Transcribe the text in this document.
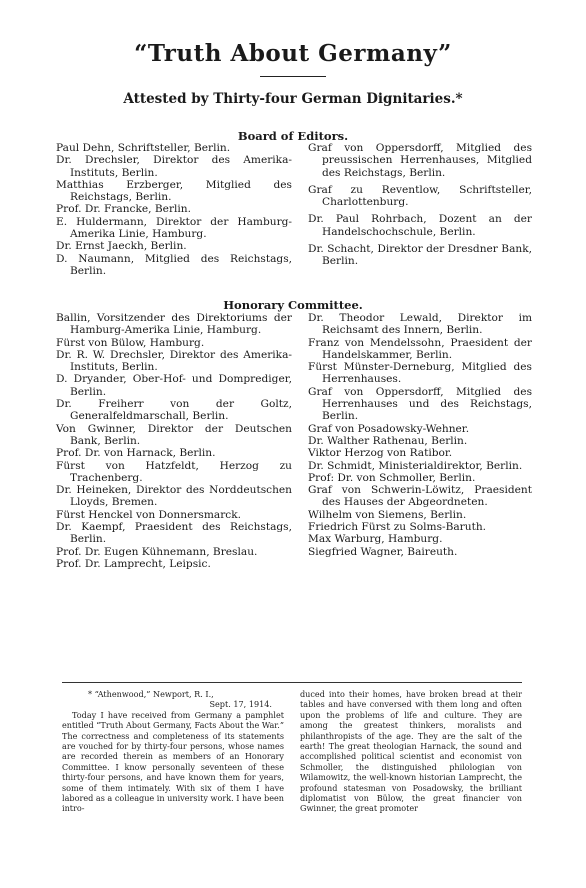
“Truth About Germany”
Attested by Thirty-four German Dignitaries.*
Board of Editors.

Paul Dehn, Schriftsteller, Berlin.

Dr. Drechsler, Direktor des Amerika-Instituts, Berlin.

Matthias Erzberger, Mitglied des Reichstags, Berlin.

Prof. Dr. Francke, Berlin.

E. Huldermann, Direktor der Hamburg-Amerika Linie, Hamburg.

Dr. Ernst Jaeckh, Berlin.

D. Naumann, Mitglied des Reichstags, Berlin.

Graf von Oppersdorff, Mitglied des preussischen Herrenhauses, Mitglied des Reichstags, Berlin.

Graf zu Reventlow, Schriftsteller, Charlottenburg.

Dr. Paul Rohrbach, Dozent an der Handelschochschule, Berlin.

Dr. Schacht, Direktor der Dresdner Bank, Berlin.

Honorary Committee.

Ballin, Vorsitzender des Direktoriums der Hamburg-Amerika Linie, Hamburg.

Fürst von Bülow, Hamburg.

Dr. R. W. Drechsler, Direktor des Amerika-Instituts, Berlin.

D. Dryander, Ober-Hof- und Domprediger, Berlin.

Dr. Freiherr von der Goltz, Generalfeldmarschall, Berlin.

Von Gwinner, Direktor der Deutschen Bank, Berlin.

Prof. Dr. von Harnack, Berlin.

Fürst von Hatzfeldt, Herzog zu Trachenberg.

Dr. Heineken, Direktor des Norddeutschen Lloyds, Bremen.

Fürst Henckel von Donnersmarck.

Dr. Kaempf, Praesident des Reichstags, Berlin.

Prof. Dr. Eugen Kühnemann, Breslau.

Prof. Dr. Lamprecht, Leipsic.

Dr. Theodor Lewald, Direktor im Reichsamt des Innern, Berlin.

Franz von Mendelssohn, Praesident der Handelskammer, Berlin.

Fürst Münster-Derneburg, Mitglied des Herrenhauses.

Graf von Oppersdorff, Mitglied des Herrenhauses und des Reichstags, Berlin.

Graf von Posadowsky-Wehner.

Dr. Walther Rathenau, Berlin.

Viktor Herzog von Ratibor.

Dr. Schmidt, Ministerialdirektor, Berlin.

Prof: Dr. von Schmoller, Berlin.

Graf von Schwerin-Löwitz, Praesident des Hauses der Abgeordneten.

Wilhelm von Siemens, Berlin.

Friedrich Fürst zu Solms-Baruth.

Max Warburg, Hamburg.

Siegfried Wagner, Baireuth.

* “Athenwood,” Newport, R. I.,

Sept. 17, 1914.

Today I have received from Germany a pamphlet entitled “Truth About Germany, Facts About the War.” The correctness and completeness of its statements are vouched for by thirty-four persons, whose names are recorded therein as members of an Honorary Committee. I know personally seventeen of these thirty-four persons, and have known them for years, some of them intimately. With six of them I have labored as a colleague in university work. I have been intro-

duced into their homes, have broken bread at their tables and have conversed with them long and often upon the problems of life and culture. They are among the greatest thinkers, moralists and philanthropists of the age. They are the salt of the earth! The great theologian Harnack, the sound and accomplished political scientist and economist von Schmoller, the distinguished philologian von Wilamowitz, the well-known historian Lamprecht, the profound statesman von Posadowsky, the brilliant diplomatist von Bülow, the great financier von Gwinner, the great promoter
